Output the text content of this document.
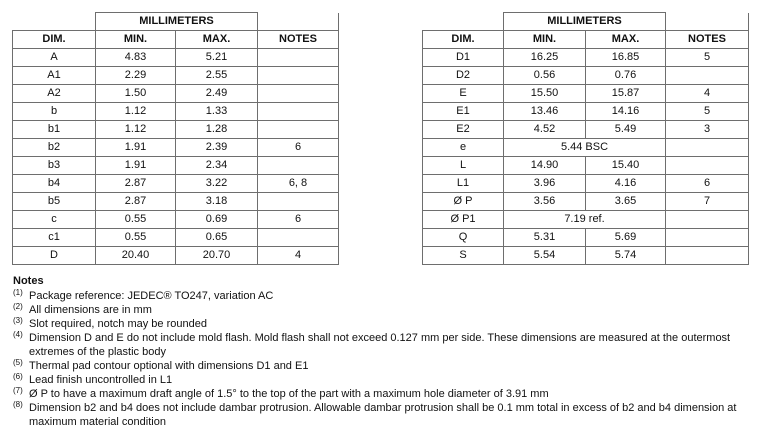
	MILLIMETERS		
DIM.	MIN.	MAX.	NOTES
A	4.83	5.21	
A1	2.29	2.55	
A2	1.50	2.49	
b	1.12	1.33	
b1	1.12	1.28	
b2	1.91	2.39	6
b3	1.91	2.34	
b4	2.87	3.22	6, 8
b5	2.87	3.18	
c	0.55	0.69	6
c1	0.55	0.65	
D	20.40	20.70	4
	MILLIMETERS		
DIM.	MIN.	MAX.	NOTES
D1	16.25	16.85	5
D2	0.56	0.76	
E	15.50	15.87	4
E1	13.46	14.16	5
E2	4.52	5.49	3
e	5.44 BSC		
L	14.90	15.40	
L1	3.96	4.16	6
Ø P	3.56	3.65	7
Ø P1	7.19 ref.		
Q	5.31	5.69	
S	5.54	5.74	
Notes
(1) Package reference: JEDEC® TO247, variation AC
(2) All dimensions are in mm
(3) Slot required, notch may be rounded
(4) Dimension D and E do not include mold flash. Mold flash shall not exceed 0.127 mm per side. These dimensions are measured at the outermost extremes of the plastic body
(5) Thermal pad contour optional with dimensions D1 and E1
(6) Lead finish uncontrolled in L1
(7) Ø P to have a maximum draft angle of 1.5° to the top of the part with a maximum hole diameter of 3.91 mm
(8) Dimension b2 and b4 does not include dambar protrusion. Allowable dambar protrusion shall be 0.1 mm total in excess of b2 and b4 dimension at maximum material condition
